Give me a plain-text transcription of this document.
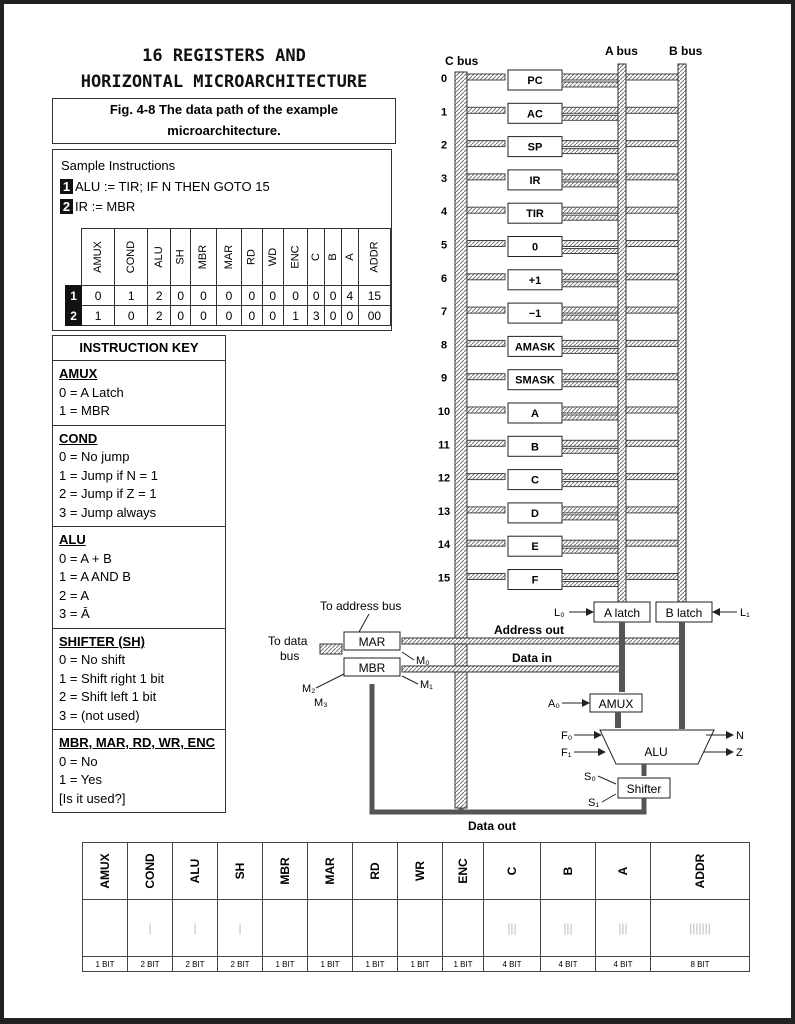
16 REGISTERS AND
HORIZONTAL MICROARCHITECTURE
Fig. 4-8 The data path of the example
microarchitecture.
Sample Instructions
1 ALU := TIR; IF N THEN GOTO 15
2 IR := MBR

	AMUX	COND	ALU	SH	MBR	MAR	RD	WD	ENC	C	B	A	ADDR

1	0	1	2	0	0	0	0	0	0	0	0	4	15
2	1	0	2	0	0	0	0	0	1	3	0	0	00
INSTRUCTION KEY
AMUX
0 = A Latch
1 = MBR
COND
0 = No jump
1 = Jump if N = 1
2 = Jump if Z = 1
3 = Jump always
ALU
0 = A + B
1 = A AND B
2 = A
3 = Ā
SHIFTER (SH)
0 = No shift
1 = Shift right 1 bit
2 = Shift left 1 bit
3 = (not used)
MBR, MAR, RD, WR, ENC
0 = No
1 = Yes
[Is it used?]
0	PC
1	AC
2	SP
3	IR
4	TIR
5	0
6	+1
7	−1
8	AMASK
9	SMASK
10	A
11	B
12	C
13	D
14	E
15	F
C bus
A bus	B bus
A latch B latch
L₀	L₁
Address out
Data in
To address bus
MAR
MBR
To data
bus	M₀
M₁
M₂
M₃	AMUX
A₀
ALU
F₀
F₁
N
Z
Shifter
S₀
S₁
Data out
AMUX	COND	ALU	SH	MBR	MAR	RD	WR	ENC	C	B	A	ADDR

	|	|	|						|||	|||	|||	|||||||
1 BIT	2 BIT	2 BIT	2 BIT	1 BIT	1 BIT	1 BIT	1 BIT	1 BIT	4 BIT	4 BIT	4 BIT	8 BIT
